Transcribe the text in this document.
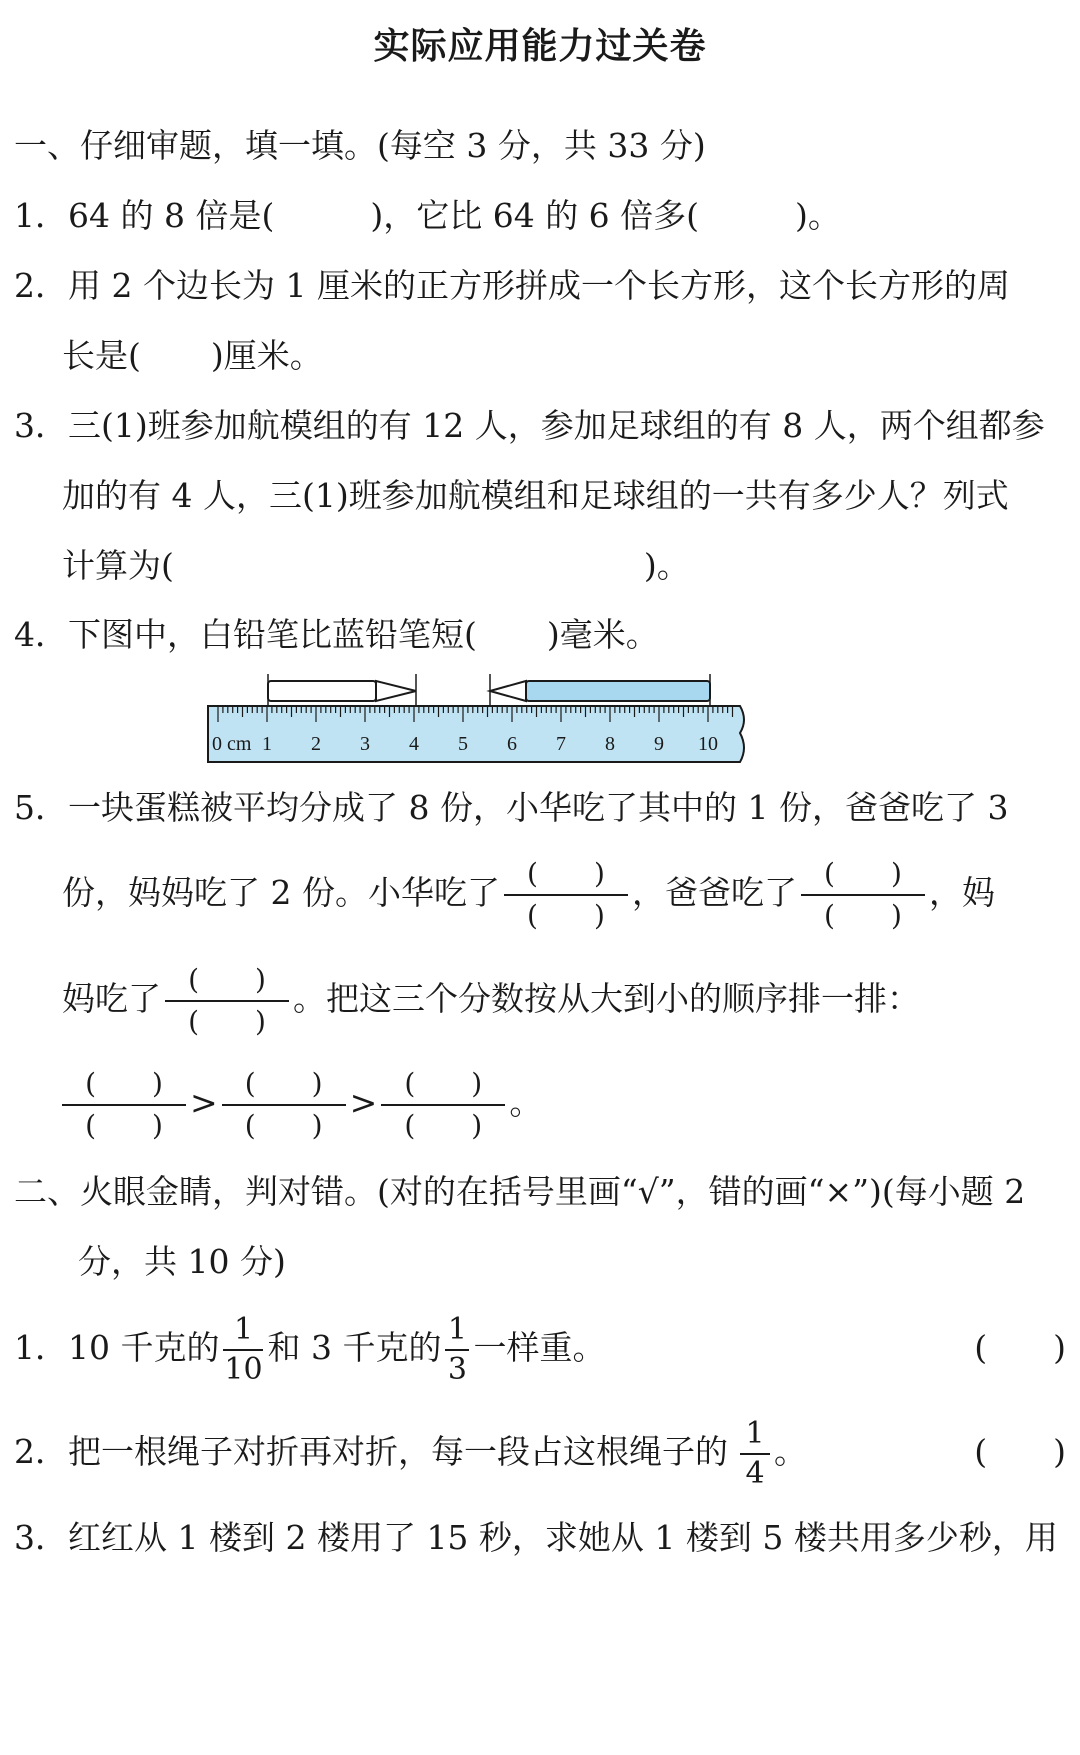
实际应用能力过关卷
一、仔细审题，填一填。(每空 3 分，共 33 分)
1．64 的 8 倍是(	)，它比 64 的 6 倍多(	)。
2．用 2 个边长为 1 厘米的正方形拼成一个长方形，这个长方形的周
长是( )厘米。
3．三(1)班参加航模组的有 12 人，参加足球组的有 8 人，两个组都参
加的有 4 人，三(1)班参加航模组和足球组的一共有多少人？列式
计算为(	)。
4．下图中，白铅笔比蓝铅笔短( )毫米。
0 cm 1 2 3 4 5 6 7 8 9 10
5．一块蛋糕被平均分成了 8 份，小华吃了其中的 1 份，爸爸吃了 3
份，妈妈吃了 2 份。小华吃了 $\frac{( )}{( )}$ ，爸爸吃了 $\frac{( )}{( )}$ ，妈
妈吃了 $\frac{( )}{( )}$ 。把这三个分数按从大到小的顺序排一排：
$\frac{( )}{( )} > \frac{( )}{( )} > \frac{( )}{( )}$ 。
二、火眼金睛，判对错。(对的在括号里画“√”，错的画“×”)(每小题 2
分，共 10 分)
1．10 千克的 $\frac{1}{10}$ 和 3 千克的 $\frac{1}{3}$ 一样重。	(　　)
2．把一根绳子对折再对折，每一段占这根绳子的 $\frac{1}{4}$ 。	(　　)
3．红红从 1 楼到 2 楼用了 15 秒，求她从 1 楼到 5 楼共用多少秒，用
